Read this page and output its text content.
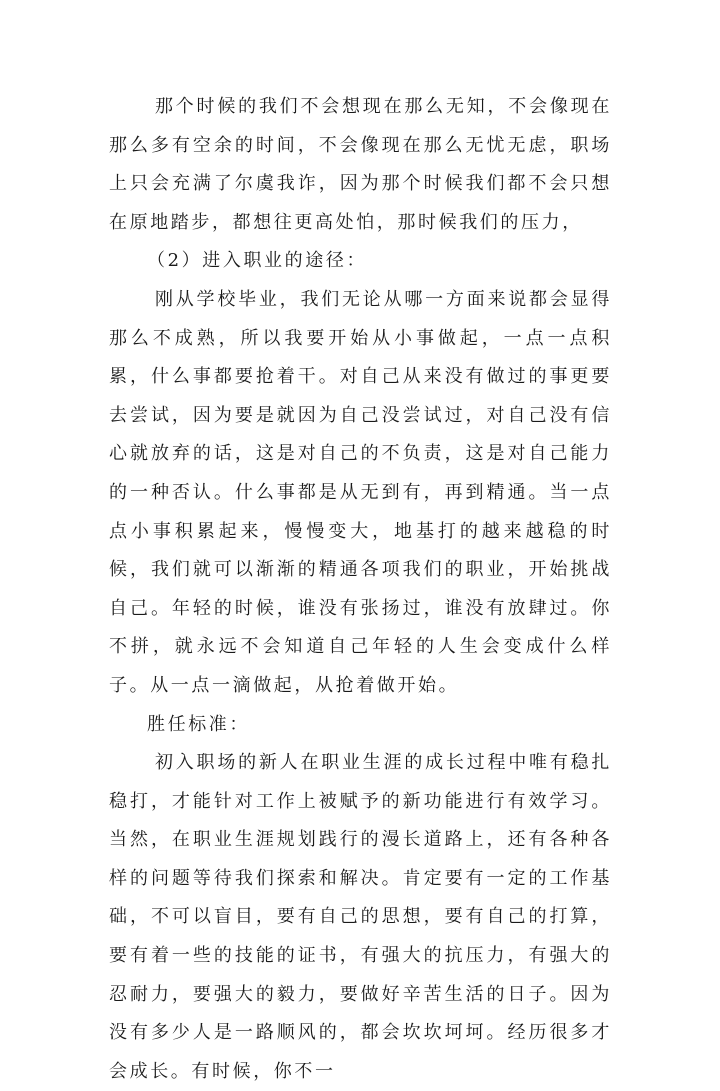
那个时候的我们不会想现在那么无知，不会像现在那么多有空余的时间，不会像现在那么无忧无虑，职场上只会充满了尔虞我诈，因为那个时候我们都不会只想在原地踏步，都想往更高处怕，那时候我们的压力，

（2）进入职业的途径：

刚从学校毕业，我们无论从哪一方面来说都会显得那么不成熟，所以我要开始从小事做起，一点一点积累，什么事都要抢着干。对自己从来没有做过的事更要去尝试，因为要是就因为自己没尝试过，对自己没有信心就放弃的话，这是对自己的不负责，这是对自己能力的一种否认。什么事都是从无到有，再到精通。当一点点小事积累起来，慢慢变大，地基打的越来越稳的时候，我们就可以渐渐的精通各项我们的职业，开始挑战自己。年轻的时候，谁没有张扬过，谁没有放肆过。你不拼，就永远不会知道自己年轻的人生会变成什么样子。从一点一滴做起，从抢着做开始。

胜任标准：

初入职场的新人在职业生涯的成长过程中唯有稳扎稳打，才能针对工作上被赋予的新功能进行有效学习。当然，在职业生涯规划践行的漫长道路上，还有各种各样的问题等待我们探索和解决。肯定要有一定的工作基础，不可以盲目，要有自己的思想，要有自己的打算，要有着一些的技能的证书，有强大的抗压力，有强大的忍耐力，要强大的毅力，要做好辛苦生活的日子。因为没有多少人是一路顺风的，都会坎坎坷坷。经历很多才会成长。有时候，你不一
